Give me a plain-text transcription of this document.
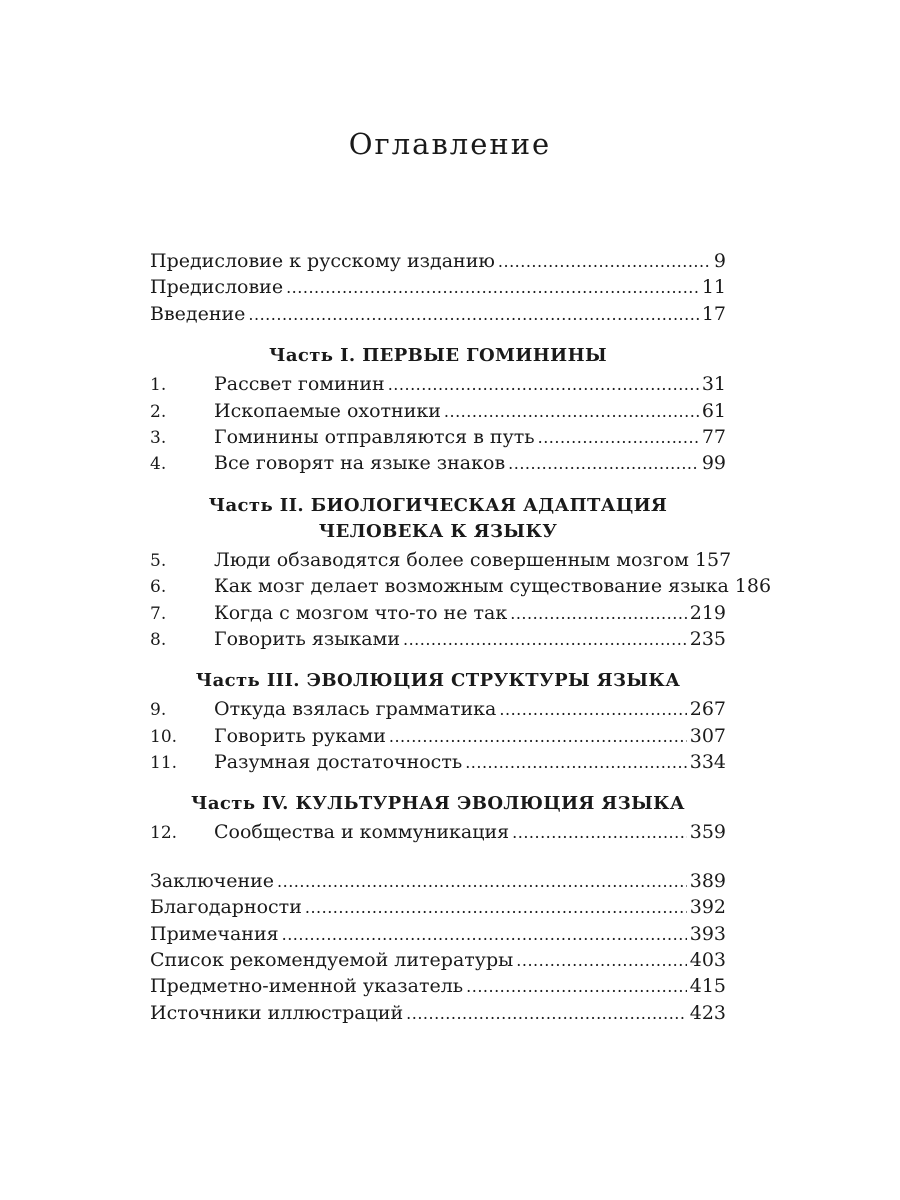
Оглавление
Предисловие к русскому изданию .....	9
Предисловие .....	11
Введение .....	17
Часть I. ПЕРВЫЕ ГОМИНИНЫ
1.	Рассвет гоминин .....	31
2.	Ископаемые охотники .....	61
3.	Гоминины отправляются в путь .....	77
4.	Все говорят на языке знаков .....	99
Часть II. БИОЛОГИЧЕСКАЯ АДАПТАЦИЯ
ЧЕЛОВЕКА К ЯЗЫКУ
5.	Люди обзаводятся более совершенным мозгом 157
6.	Как мозг делает возможным существование языка 186
7.	Когда с мозгом что-то не так .....	219
8.	Говорить языками .....	235
Часть III. ЭВОЛЮЦИЯ СТРУКТУРЫ ЯЗЫКА
9.	Откуда взялась грамматика .....	267
10.	Говорить руками .....	307
11.	Разумная достаточность .....	334
Часть IV. КУЛЬТУРНАЯ ЭВОЛЮЦИЯ ЯЗЫКА
12.	Сообщества и коммуникация .....	359
Заключение .....	389
Благодарности .....	392
Примечания .....	393
Список рекомендуемой литературы .....	403
Предметно-именной указатель .....	415
Источники иллюстраций .....	423
